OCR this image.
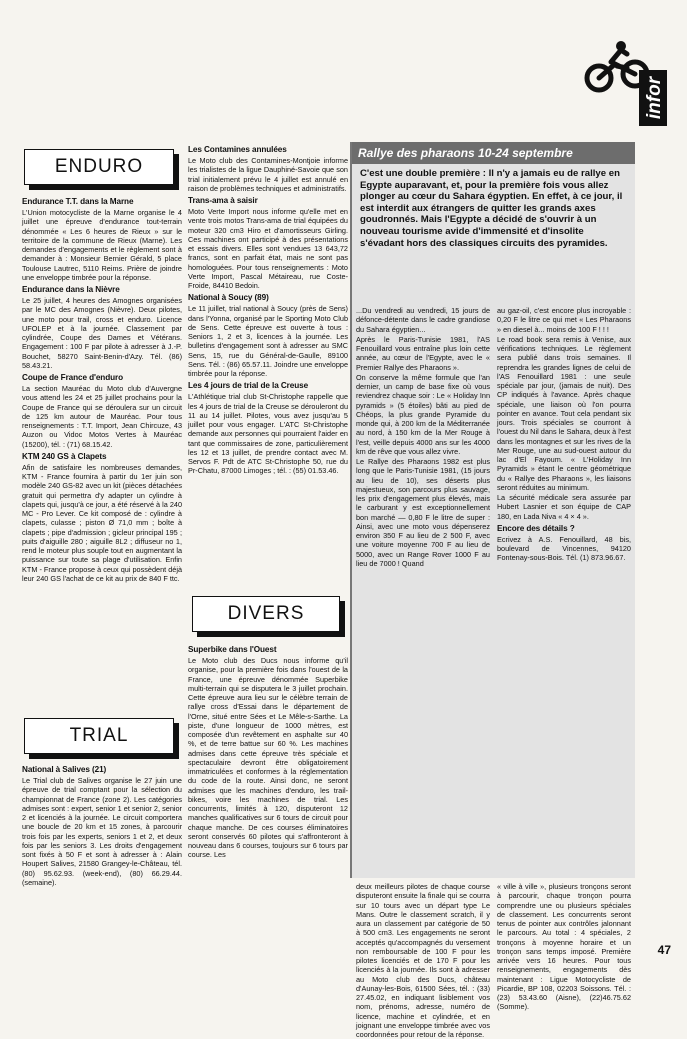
infor
ENDURO
Endurance T.T. dans la Marne

L'Union motocycliste de la Marne organise le 4 juillet une épreuve d'endurance tout-terrain dénommée « Les 6 heures de Rieux » sur le territoire de la commune de Rieux (Marne). Les demandes d'engagements et le règlement sont à demander à : Monsieur Bernier Gérald, 5 place Toulouse Lautrec, 5110 Reims. Prière de joindre une enveloppe timbrée pour la réponse.

Endurance dans la Nièvre

Le 25 juillet, 4 heures des Amognes organisées par le MC des Amognes (Nièvre). Deux pilotes, une moto pour trail, cross et enduro. Licence UFOLEP et à la journée. Classement par cylindrée, Coupe des Dames et Vétérans. Engagement : 100 F par pilote à adresser à J.-P. Bouchet, 58270 Saint-Benin-d'Azy. Tél. (86) 58.43.21.

Coupe de France d'enduro

La section Mauréac du Moto club d'Auvergne vous attend les 24 et 25 juillet prochains pour la Coupe de France qui se déroulera sur un circuit de 125 km autour de Mauréac. Pour tous renseignements : T.T. Import, Jean Chircuze, 43 Auzon ou Vidoc Motos Vertes à Mauréac (15200), tél. : (71) 68.15.42.

KTM 240 GS à Clapets

Afin de satisfaire les nombreuses demandes, KTM - France fournira à partir du 1er juin son modèle 240 GS-82 avec un kit (pièces détachées gratuit qui permettra d'y adapter un cylindre à clapets qui, jusqu'à ce jour, a été réservé à la 240 MC - Pro Lever. Ce kit composé de : cylindre à clapets, culasse ; piston Ø 71,0 mm ; boîte à clapets ; pipe d'admission ; gicleur principal 195 ; puits d'aiguille 280 ; aiguille 8L2 ; diffuseur no 1, rend le moteur plus souple tout en augmentant la puissance sur toute sa plage d'utilisation. Enfin KTM - France propose à ceux qui possèdent déjà leur 240 GS l'achat de ce kit au prix de 840 F ttc.

TRIAL
National à Salives (21)

Le Trial club de Salives organise le 27 juin une épreuve de trial comptant pour la sélection du championnat de France (zone 2). Les catégories admises sont : expert, senior 1 et senior 2, senior 2 et licenciés à la journée. Le circuit comportera une boucle de 20 km et 15 zones, à parcourir trois fois par les experts, seniors 1 et 2, et deux fois par les seniors 3. Les droits d'engagement sont fixés à 50 F et sont à adresser à : Alain Houpert Salives, 21580 Grangey-le-Château, tél. (80) 95.62.93. (week-end), (80) 66.29.44. (semaine).

Les Contamines annulées

Le Moto club des Contamines-Montjoie informe les trialistes de la ligue Dauphiné-Savoie que son trial initialement prévu le 4 juillet est annulé en raison de problèmes techniques et administratifs.

Trans-ama à saisir

Moto Verte Import nous informe qu'elle met en vente trois motos Trans-ama de trial équipées du moteur 320 cm3 Hiro et d'amortisseurs Girling. Ces machines ont participé à des présentations et essais divers. Elles sont vendues 13 643,72 francs, sont en parfait état, mais ne sont pas homologuées. Pour tous renseignements : Moto Verte Import, Pascal Métaireau, rue Coste-Froide, 84410 Bedoin.

National à Soucy (89)

Le 11 juillet, trial national à Soucy (près de Sens) dans l'Yonna, organisé par le Sporting Moto Club de Sens. Cette épreuve est ouverte à tous : Seniors 1, 2 et 3, licences à la journée. Les bulletins d'engagement sont à adresser au SMC Sens, 15, rue du Général-de-Gaulle, 89100 Sens. Tél. : (86) 65.57.11. Joindre une enveloppe timbrée pour la réponse.

Les 4 jours de trial de la Creuse

L'Athlétique trial club St-Christophe rappelle que les 4 jours de trial de la Creuse se dérouleront du 11 au 14 juillet. Pilotes, vous avez jusqu'au 5 juillet pour vous engager. L'ATC St-Christophe demande aux personnes qui pourraient l'aider en tant que commissaires de zone, particulièrement les 12 et 13 juillet, de prendre contact avec M. Servos F. Pdt de ATC St-Christophe 50, rue du Pr-Chatu, 87000 Limoges ; tél. : (55) 01.53.46.

DIVERS
Superbike dans l'Ouest

Le Moto club des Ducs nous informe qu'il organise, pour la première fois dans l'ouest de la France, une épreuve dénommée Superbike multi-terrain qui se disputera le 3 juillet prochain. Cette épreuve aura lieu sur le célèbre terrain de rallye cross d'Essai dans le département de l'Orne, situé entre Sées et Le Mêle-s-Sarthe. La piste, d'une longueur de 1000 mètres, est composée d'un revêtement en asphalte sur 40 %, et de terre battue sur 60 %. Les machines admises dans cette épreuve très spéciale et spectaculaire devront être obligatoirement immatriculées et conformes à la réglementation du code de la route. Ainsi donc, ne seront admises que les machines d'enduro, les trail-bikes, voire les machines de trial. Les concurrents, limités à 120, disputeront 12 manches qualificatives sur 6 tours de circuit pour chaque manche. De ces courses éliminatoires seront conservés 60 pilotes qui s'affronteront à nouveau dans 6 courses, toujours sur 6 tours par course. Les

Rallye des pharaons 10-24 septembre
C'est une double première : Il n'y a jamais eu de rallye en Egypte auparavant, et, pour la première fois vous allez plonger au cœur du Sahara égyptien. En effet, à ce jour, il est interdit aux étrangers de quitter les grands axes goudronnés. Mais l'Egypte a décidé de s'ouvrir à un nouveau tourisme avide d'immensité et d'insolite s'évadant hors des classiques circuits des pyramides.

...Du vendredi au vendredi, 15 jours de défonce-détente dans le cadre grandiose du Sahara égyptien...

Après le Paris-Tunisie 1981, l'AS Fenouillard vous entraîne plus loin cette année, au cœur de l'Egypte, avec le « Premier Rallye des Pharaons ».

On conserve la même formule que l'an dernier, un camp de base fixe où vous reviendrez chaque soir : Le « Holiday Inn pyramids » (5 étoiles) bâti au pied de Chéops, la plus grande Pyramide du monde qui, à 200 km de la Méditerranée au nord, à 150 km de la Mer Rouge à l'est, veille depuis 4000 ans sur les 4000 km de rêve que vous allez vivre.

Le Rallye des Pharaons 1982 est plus long que le Paris-Tunisie 1981, (15 jours au lieu de 10), ses déserts plus majestueux, son parcours plus sauvage, les prix d'engagement plus élevés, mais le carburant y est exceptionnellement bon marché — 0,80 F le litre de super : Ainsi, avec une moto vous dépenserez environ 350 F au lieu de 2 500 F, avec une voiture moyenne 700 F au lieu de 5000, avec un Range Rover 1000 F au lieu de 7000 ! Quand

au gaz-oil, c'est encore plus incroyable : 0,20 F le litre ce qui met « Les Pharaons » en diesel à... moins de 100 F ! ! !

Le road book sera remis à Venise, aux vérifications techniques. Le règlement sera publié dans trois semaines. Il reprendra les grandes lignes de celui de l'AS Fenouillard 1981 : une seule spéciale par jour, (jamais de nuit). Des CP indiqués à l'avance. Après chaque spéciale, une liaison où l'on pourra pointer en avance. Tout cela pendant six jours. Trois spéciales se courront à l'ouest du Nil dans le Sahara, deux à l'est dans les montagnes et sur les rives de la Mer Rouge, une au sud-ouest autour du lac d'El Fayoum. « L'Holiday Inn Pyramids » étant le centre géométrique du « Rallye des Pharaons », les liaisons seront réduites au minimum.

La sécurité médicale sera assurée par Hubert Lasnier et son équipe de CAP 180, en Lada Niva « 4 × 4 ».

Encore des détails ?

Ecrivez à A.S. Fenouillard, 48 bis, boulevard de Vincennes, 94120 Fontenay-sous-Bois. Tél. (1) 873.96.67.

deux meilleurs pilotes de chaque course disputeront ensuite la finale qui se courra sur 10 tours avec un départ type Le Mans. Outre le classement scratch, il y aura un classement par catégorie de 50 à 500 cm3. Les engagements ne seront acceptés qu'accompagnés du versement non remboursable de 100 F pour les pilotes licenciés et de 170 F pour les licenciés à la journée. Ils sont à adresser au Moto club des Ducs, château d'Aunay-les-Bois, 61500 Sées, tél. : (33) 27.45.02, en indiquant lisiblement vos nom, prénoms, adresse, numéro de licence, machine et cylindrée, et en joignant une enveloppe timbrée avec vos coordonnées pour retour de la réponse.

« ville à ville », plusieurs tronçons seront à parcourir, chaque tronçon pourra comprendre une ou plusieurs spéciales de classement. Les concurrents seront tenus de pointer aux contrôles jalonnant le parcours. Au total : 4 spéciales, 2 tronçons à moyenne horaire et un tronçon sans temps imposé. Première arrivée vers 16 heures. Pour tous renseignements, engagements dès maintenant : Ligue Motocycliste de Picardie, BP 108, 02203 Soissons. Tél. : (23) 53.43.60 (Aisne), (22)46.75.62 (Somme).

47
